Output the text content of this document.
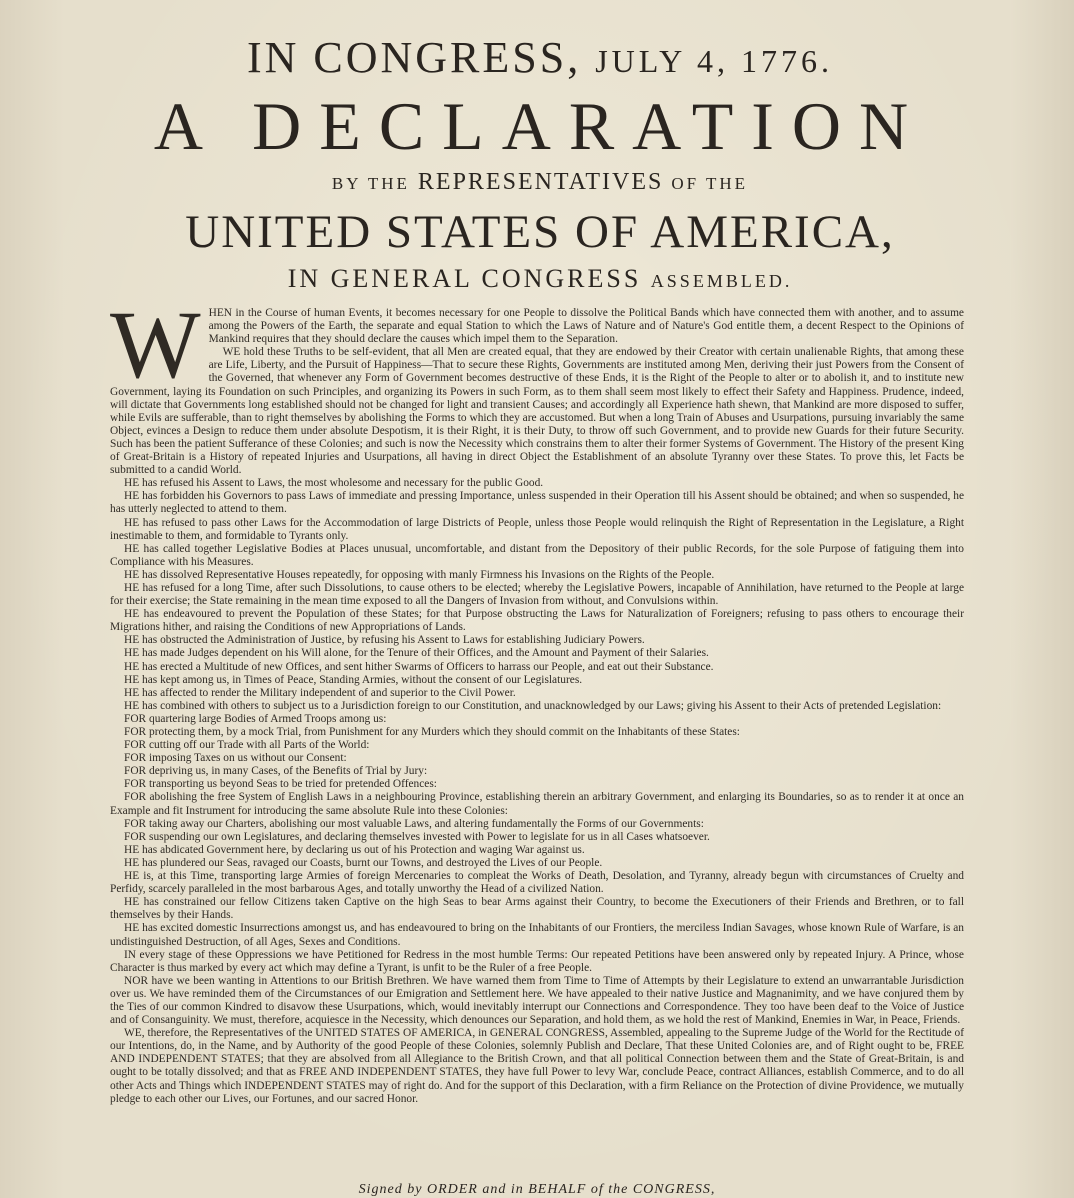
IN CONGRESS, JULY 4, 1776.
A DECLARATION
BY THE REPRESENTATIVES OF THE
UNITED STATES OF AMERICA,
IN GENERAL CONGRESS ASSEMBLED.
W HEN in the Course of human Events, it becomes necessary for one People to dissolve the Political Bands which have connected them with another, and to assume among the Powers of the Earth, the separate and equal Station to which the Laws of Nature and of Nature's God entitle them, a decent Respect to the Opinions of Mankind requires that they should declare the causes which impel them to the Separation.

WE hold these Truths to be self-evident, that all Men are created equal, that they are endowed by their Creator with certain unalienable Rights, that among these are Life, Liberty, and the Pursuit of Happiness—That to secure these Rights, Governments are instituted among Men, deriving their just Powers from the Consent of the Governed, that whenever any Form of Government becomes destructive of these Ends, it is the Right of the People to alter or to abolish it, and to institute new Government, laying its Foundation on such Principles, and organizing its Powers in such Form, as to them shall seem most likely to effect their Safety and Happiness. Prudence, indeed, will dictate that Governments long established should not be changed for light and transient Causes; and accordingly all Experience hath shewn, that Mankind are more disposed to suffer, while Evils are sufferable, than to right themselves by abolishing the Forms to which they are accustomed. But when a long Train of Abuses and Usurpations, pursuing invariably the same Object, evinces a Design to reduce them under absolute Despotism, it is their Right, it is their Duty, to throw off such Government, and to provide new Guards for their future Security. Such has been the patient Sufferance of these Colonies; and such is now the Necessity which constrains them to alter their former Systems of Government. The History of the present King of Great-Britain is a History of repeated Injuries and Usurpations, all having in direct Object the Establishment of an absolute Tyranny over these States. To prove this, let Facts be submitted to a candid World.

HE has refused his Assent to Laws, the most wholesome and necessary for the public Good.

HE has forbidden his Governors to pass Laws of immediate and pressing Importance, unless suspended in their Operation till his Assent should be obtained; and when so suspended, he has utterly neglected to attend to them.

HE has refused to pass other Laws for the Accommodation of large Districts of People, unless those People would relinquish the Right of Representation in the Legislature, a Right inestimable to them, and formidable to Tyrants only.

HE has called together Legislative Bodies at Places unusual, uncomfortable, and distant from the Depository of their public Records, for the sole Purpose of fatiguing them into Compliance with his Measures.

HE has dissolved Representative Houses repeatedly, for opposing with manly Firmness his Invasions on the Rights of the People.

HE has refused for a long Time, after such Dissolutions, to cause others to be elected; whereby the Legislative Powers, incapable of Annihilation, have returned to the People at large for their exercise; the State remaining in the mean time exposed to all the Dangers of Invasion from without, and Convulsions within.

HE has endeavoured to prevent the Population of these States; for that Purpose obstructing the Laws for Naturalization of Foreigners; refusing to pass others to encourage their Migrations hither, and raising the Conditions of new Appropriations of Lands.

HE has obstructed the Administration of Justice, by refusing his Assent to Laws for establishing Judiciary Powers.

HE has made Judges dependent on his Will alone, for the Tenure of their Offices, and the Amount and Payment of their Salaries.

HE has erected a Multitude of new Offices, and sent hither Swarms of Officers to harrass our People, and eat out their Substance.

HE has kept among us, in Times of Peace, Standing Armies, without the consent of our Legislatures.

HE has affected to render the Military independent of and superior to the Civil Power.

HE has combined with others to subject us to a Jurisdiction foreign to our Constitution, and unacknowledged by our Laws; giving his Assent to their Acts of pretended Legislation:

FOR quartering large Bodies of Armed Troops among us:

FOR protecting them, by a mock Trial, from Punishment for any Murders which they should commit on the Inhabitants of these States:

FOR cutting off our Trade with all Parts of the World:

FOR imposing Taxes on us without our Consent:

FOR depriving us, in many Cases, of the Benefits of Trial by Jury:

FOR transporting us beyond Seas to be tried for pretended Offences:

FOR abolishing the free System of English Laws in a neighbouring Province, establishing therein an arbitrary Government, and enlarging its Boundaries, so as to render it at once an Example and fit Instrument for introducing the same absolute Rule into these Colonies:

FOR taking away our Charters, abolishing our most valuable Laws, and altering fundamentally the Forms of our Governments:

FOR suspending our own Legislatures, and declaring themselves invested with Power to legislate for us in all Cases whatsoever.

HE has abdicated Government here, by declaring us out of his Protection and waging War against us.

HE has plundered our Seas, ravaged our Coasts, burnt our Towns, and destroyed the Lives of our People.

HE is, at this Time, transporting large Armies of foreign Mercenaries to compleat the Works of Death, Desolation, and Tyranny, already begun with circumstances of Cruelty and Perfidy, scarcely paralleled in the most barbarous Ages, and totally unworthy the Head of a civilized Nation.

HE has constrained our fellow Citizens taken Captive on the high Seas to bear Arms against their Country, to become the Executioners of their Friends and Brethren, or to fall themselves by their Hands.

HE has excited domestic Insurrections amongst us, and has endeavoured to bring on the Inhabitants of our Frontiers, the merciless Indian Savages, whose known Rule of Warfare, is an undistinguished Destruction, of all Ages, Sexes and Conditions.

IN every stage of these Oppressions we have Petitioned for Redress in the most humble Terms: Our repeated Petitions have been answered only by repeated Injury. A Prince, whose Character is thus marked by every act which may define a Tyrant, is unfit to be the Ruler of a free People.

NOR have we been wanting in Attentions to our British Brethren. We have warned them from Time to Time of Attempts by their Legislature to extend an unwarrantable Jurisdiction over us. We have reminded them of the Circumstances of our Emigration and Settlement here. We have appealed to their native Justice and Magnanimity, and we have conjured them by the Ties of our common Kindred to disavow these Usurpations, which, would inevitably interrupt our Connections and Correspondence. They too have been deaf to the Voice of Justice and of Consanguinity. We must, therefore, acquiesce in the Necessity, which denounces our Separation, and hold them, as we hold the rest of Mankind, Enemies in War, in Peace, Friends.

WE, therefore, the Representatives of the UNITED STATES OF AMERICA, in GENERAL CONGRESS, Assembled, appealing to the Supreme Judge of the World for the Rectitude of our Intentions, do, in the Name, and by Authority of the good People of these Colonies, solemnly Publish and Declare, That these United Colonies are, and of Right ought to be, FREE AND INDEPENDENT STATES; that they are absolved from all Allegiance to the British Crown, and that all political Connection between them and the State of Great-Britain, is and ought to be totally dissolved; and that as FREE AND INDEPENDENT STATES, they have full Power to levy War, conclude Peace, contract Alliances, establish Commerce, and to do all other Acts and Things which INDEPENDENT STATES may of right do. And for the support of this Declaration, with a firm Reliance on the Protection of divine Providence, we mutually pledge to each other our Lives, our Fortunes, and our sacred Honor.

Signed by ORDER and in BEHALF of the CONGRESS,
